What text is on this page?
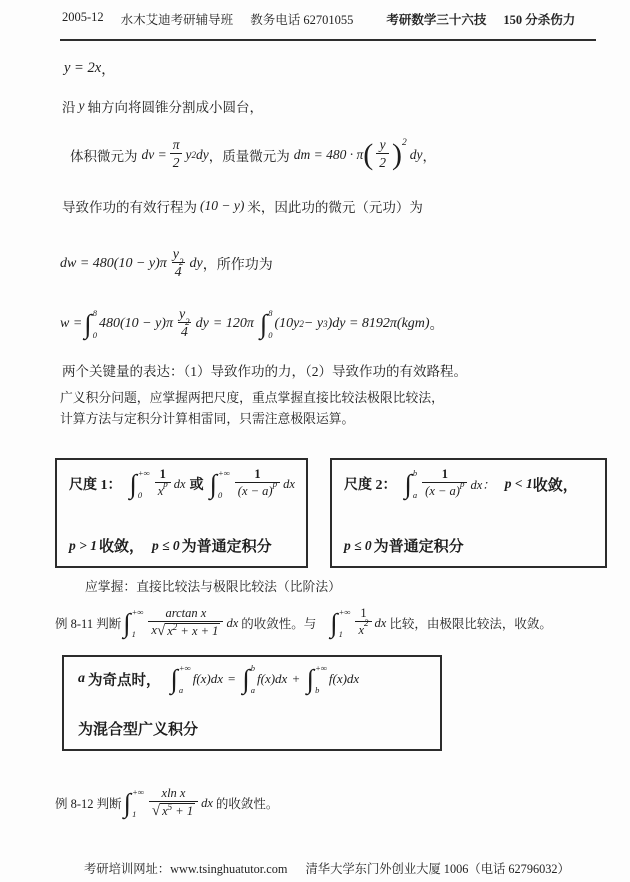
2005-12 水木艾迪考研辅导班 教务电话 62701055	考研数学三十六技 150 分杀伤力
y = 2x ，
沿 y 轴方向将圆锥分割成小圆台，
体积微元为 dv = $\frac{\pi}{2}$ y 2 dy ，质量微元为 dm = 480 · π ( $\frac{y}{2}$ ) 2
dy ，
导致作功的有效行程为 (10 − y) 米，因此功的微元（元功）为
dw = 480(10 − y)π y
2
4 dy ，所作功为
w = ∫ 8
0
480(10 − y)π y
2
4 dy = 120π ∫ 8
0
(10y 2 − y 3 )dy = 8192π(kgm) 。
两个关键量的表达：（1）导致作功的力，（2）导致作功的有效路程。
广义积分问题，应掌握两把尺度，重点掌握直接比较法极限比较法，
计算方法与定积分计算相雷同，只需注意极限运算。
尺度 1： ∫ +∞
0	$\frac{1}{\text{x p}}$ dx 或 ∫ +∞
0	$\frac{1}{(x - a) p}$ dx
p > 1 收敛， p ≤ 0 为普通定积分
尺度 2： ∫ b
a $\frac{1}{(x - a) p}$ dx： p < 1 收敛，
p ≤ 0 为普通定积分
应掌握：直接比较法与极限比较法（比阶法）
例 8-11 判断 ∫ +∞
1	$\frac{\text{arctan x}}{x √ x^2 + x + 1}$ dx 的收敛性。与 ∫ +∞
1	$\frac{1}{x 2}$ dx 比较，由极限比较法，收敛。
a 为奇点时， ∫ +∞
a
f(x)dx = ∫ b
a
f(x)dx + ∫ +∞
b
f(x)dx
为混合型广义积分
例 8-12 判断 ∫ +∞
1	$\frac{\text{x ln x}}{√ x^5 + 1}$ dx 的收敛性。
考研培训网址：www.tsinghuatutor.com 清华大学东门外创业大厦 1006（电话 62796032）
